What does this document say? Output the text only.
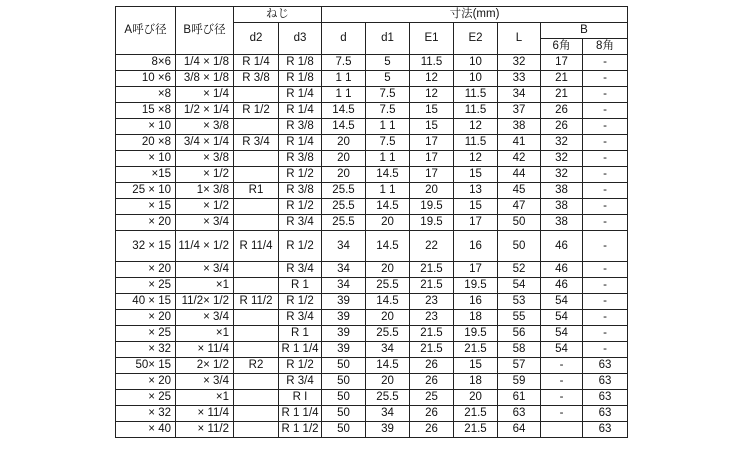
A呼び径	B呼び径	ねじ		寸法(mm)						
		d2	d3	d	d1	E1	E2	L	B	
									6角	8角
8×6	1/4 × 1/8	R 1/4	R 1/8	7.5	5	11.5	10	32	17	-
10 ×6	3/8 × 1/8	R 3/8	R 1/8	1 1	5	12	10	33	21	-
×8	× 1/4		R 1/4	1 1	7.5	12	11.5	34	21	-
15 ×8	1/2 × 1/4	R 1/2	R 1/4	14.5	7.5	15	11.5	37	26	-
× 10	× 3/8		R 3/8	14.5	1 1	15	12	38	26	-
20 ×8	3/4 × 1/4	R 3/4	R 1/4	20	7.5	17	11.5	41	32	-
× 10	× 3/8		R 3/8	20	1 1	17	12	42	32	-
×15	× 1/2		R 1/2	20	14.5	17	15	44	32	-
25 × 10	1× 3/8	R1	R 3/8	25.5	1 1	20	13	45	38	-
× 15	× 1/2		R 1/2	25.5	14.5	19.5	15	47	38	-
× 20	× 3/4		R 3/4	25.5	20	19.5	17	50	38	-
32 × 15	11/4 × 1/2	R 11/4	R 1/2	34	14.5	22	16	50	46	-
× 20	× 3/4		R 3/4	34	20	21.5	17	52	46	-
× 25	×1		R 1	34	25.5	21.5	19.5	54	46	-
40 × 15	11/2× 1/2	R 11/2	R 1/2	39	14.5	23	16	53	54	-
× 20	× 3/4		R 3/4	39	20	23	18	55	54	-
× 25	×1		R 1	39	25.5	21.5	19.5	56	54	-
× 32	× 11/4		R 1 1/4	39	34	21.5	21.5	58	54	-
50× 15	2× 1/2	R2	R 1/2	50	14.5	26	15	57	-	63
× 20	× 3/4		R 3/4	50	20	26	18	59	-	63
× 25	×1		R I	50	25.5	25	20	61	-	63
× 32	× 11/4		R 1 1/4	50	34	26	21.5	63	-	63
× 40	× 11/2		R 1 1/2	50	39	26	21.5	64		63
